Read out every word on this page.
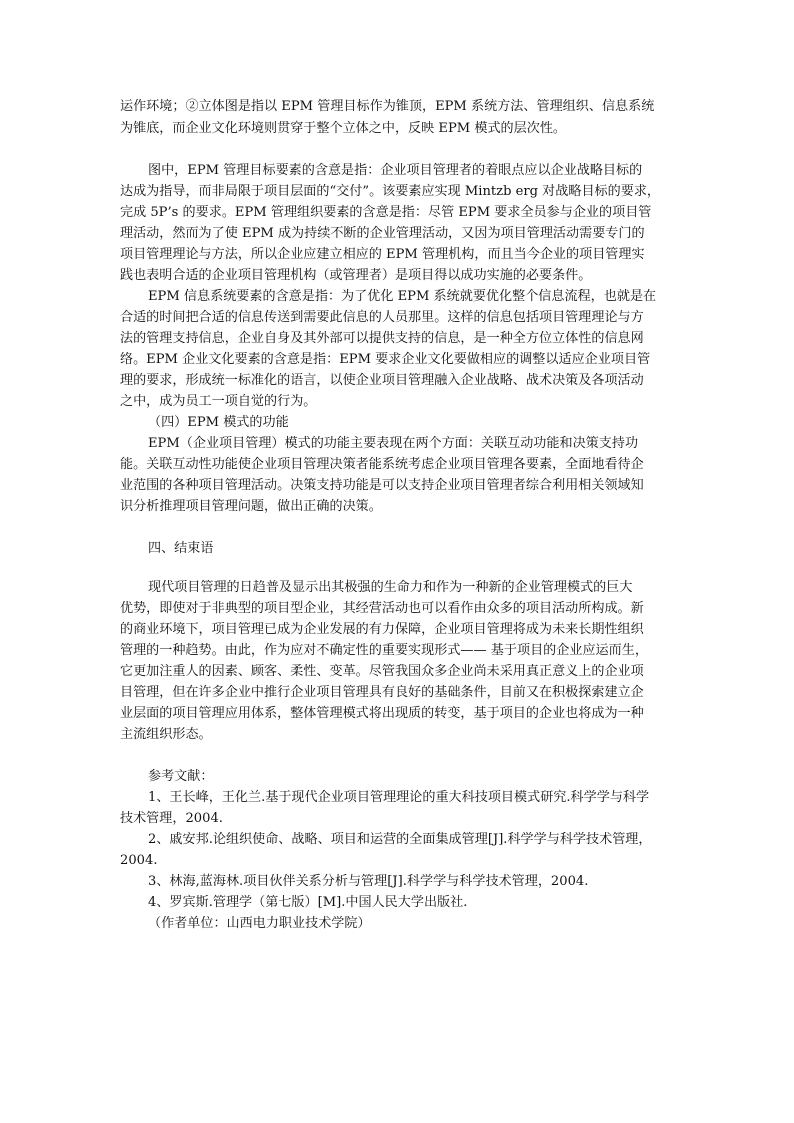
运作环境；②立体图是指以 EPM 管理目标作为锥顶，EPM 系统方法、管理组织、信息系统
为锥底，而企业文化环境则贯穿于整个立体之中，反映 EPM 模式的层次性。
图中，EPM 管理目标要素的含意是指：企业项目管理者的着眼点应以企业战略目标的
达成为指导，而非局限于项目层面的“交付”。该要素应实现 Mintzb erg 对战略目标的要求，
完成 5P’s 的要求。EPM 管理组织要素的含意是指：尽管 EPM 要求全员参与企业的项目管
理活动，然而为了使 EPM 成为持续不断的企业管理活动，又因为项目管理活动需要专门的
项目管理理论与方法，所以企业应建立相应的 EPM 管理机构，而且当今企业的项目管理实
践也表明合适的企业项目管理机构（或管理者）是项目得以成功实施的必要条件。
EPM 信息系统要素的含意是指：为了优化 EPM 系统就要优化整个信息流程，也就是在
合适的时间把合适的信息传送到需要此信息的人员那里。这样的信息包括项目管理理论与方
法的管理支持信息，企业自身及其外部可以提供支持的信息，是一种全方位立体性的信息网
络。EPM 企业文化要素的含意是指：EPM 要求企业文化要做相应的调整以适应企业项目管
理的要求，形成统一标准化的语言，以使企业项目管理融入企业战略、战术决策及各项活动
之中，成为员工一项自觉的行为。
（四）EPM 模式的功能
EPM（企业项目管理）模式的功能主要表现在两个方面：关联互动功能和决策支持功
能。关联互动性功能使企业项目管理决策者能系统考虑企业项目管理各要素，全面地看待企
业范围的各种项目管理活动。决策支持功能是可以支持企业项目管理者综合利用相关领域知
识分析推理项目管理问题，做出正确的决策。
四、结束语
现代项目管理的日趋普及显示出其极强的生命力和作为一种新的企业管理模式的巨大
优势，即使对于非典型的项目型企业，其经营活动也可以看作由众多的项目活动所构成。新
的商业环境下，项目管理已成为企业发展的有力保障，企业项目管理将成为未来长期性组织
管理的一种趋势。由此，作为应对不确定性的重要实现形式—— 基于项目的企业应运而生，
它更加注重人的因素、顾客、柔性、变革。尽管我国众多企业尚未采用真正意义上的企业项
目管理，但在许多企业中推行企业项目管理具有良好的基础条件，目前又在积极探索建立企
业层面的项目管理应用体系，整体管理模式将出现质的转变，基于项目的企业也将成为一种
主流组织形态。
参考文献：
1、王长峰，王化兰.基于现代企业项目管理理论的重大科技项目模式研究.科学学与科学
技术管理，2004.
2、戚安邦.论组织使命、战略、项目和运营的全面集成管理[J].科学学与科学技术管理，
2004.
3、林海,蓝海林.项目伙伴关系分析与管理[J].科学学与科学技术管理，2004.
4、罗宾斯.管理学（第七版）[M].中国人民大学出版社.
（作者单位：山西电力职业技术学院）
